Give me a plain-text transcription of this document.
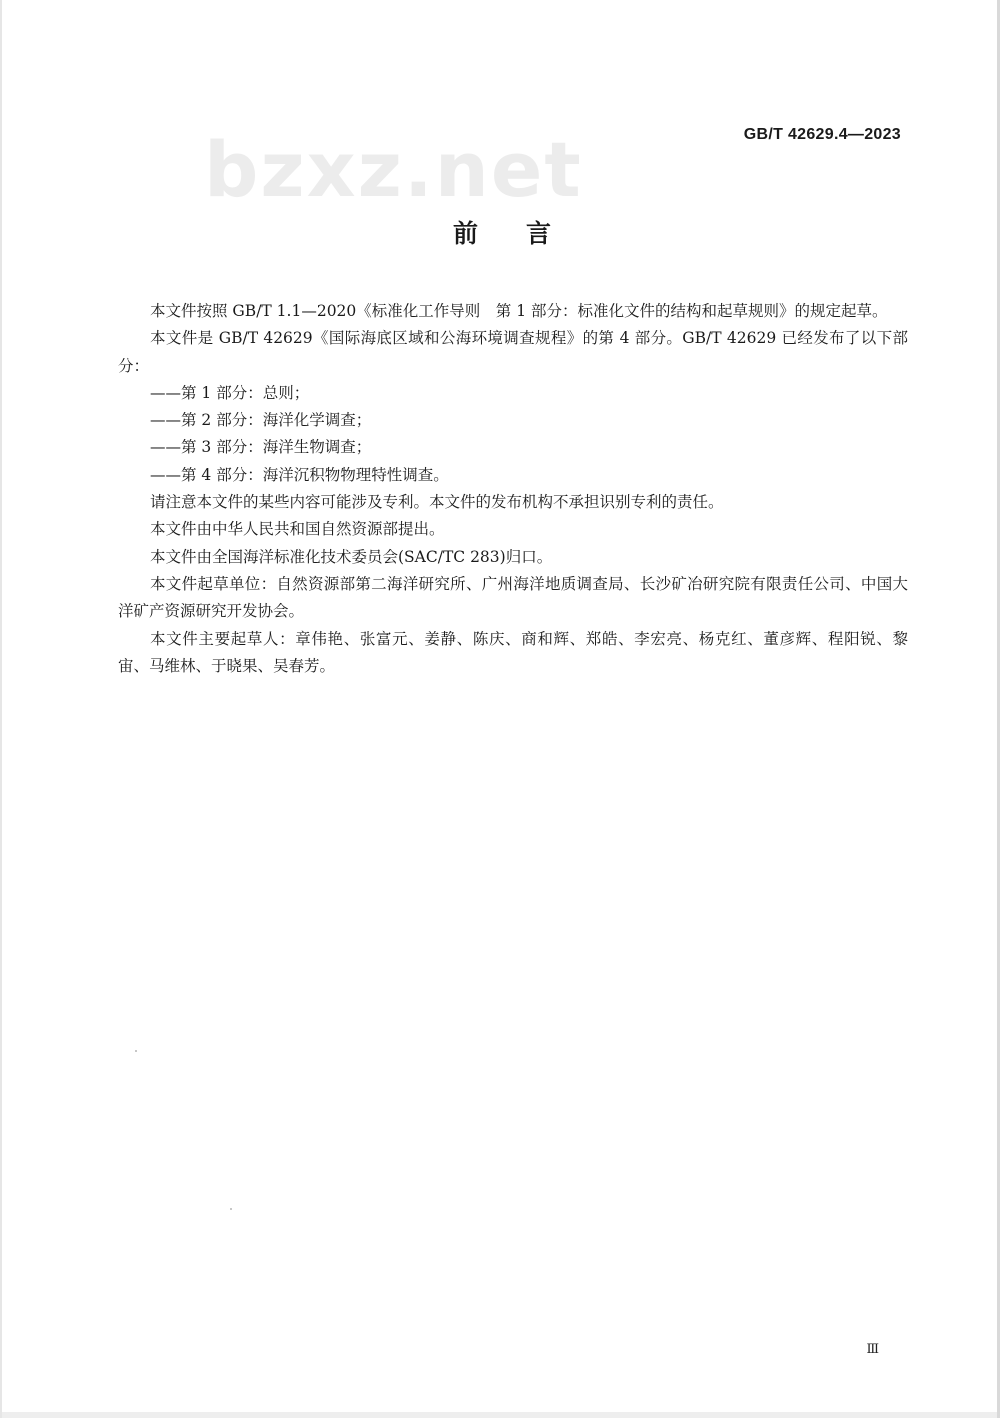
GB/T 42629.4—2023
bzxz.net
前言

本文件按照 GB/T 1.1—2020《标准化工作导则　第 1 部分：标准化文件的结构和起草规则》的规定起草。

本文件是 GB/T 42629《国际海底区域和公海环境调查规程》的第 4 部分。GB/T 42629 已经发布了以下部分：

——第 1 部分：总则；

——第 2 部分：海洋化学调查；

——第 3 部分：海洋生物调查；

——第 4 部分：海洋沉积物物理特性调查。

请注意本文件的某些内容可能涉及专利。本文件的发布机构不承担识别专利的责任。

本文件由中华人民共和国自然资源部提出。

本文件由全国海洋标准化技术委员会(SAC/TC 283)归口。

本文件起草单位：自然资源部第二海洋研究所、广州海洋地质调查局、长沙矿冶研究院有限责任公司、中国大洋矿产资源研究开发协会。

本文件主要起草人：章伟艳、张富元、姜静、陈庆、商和辉、郑皓、李宏亮、杨克红、董彦辉、程阳锐、黎宙、马维林、于晓果、吴春芳。

Ⅲ
